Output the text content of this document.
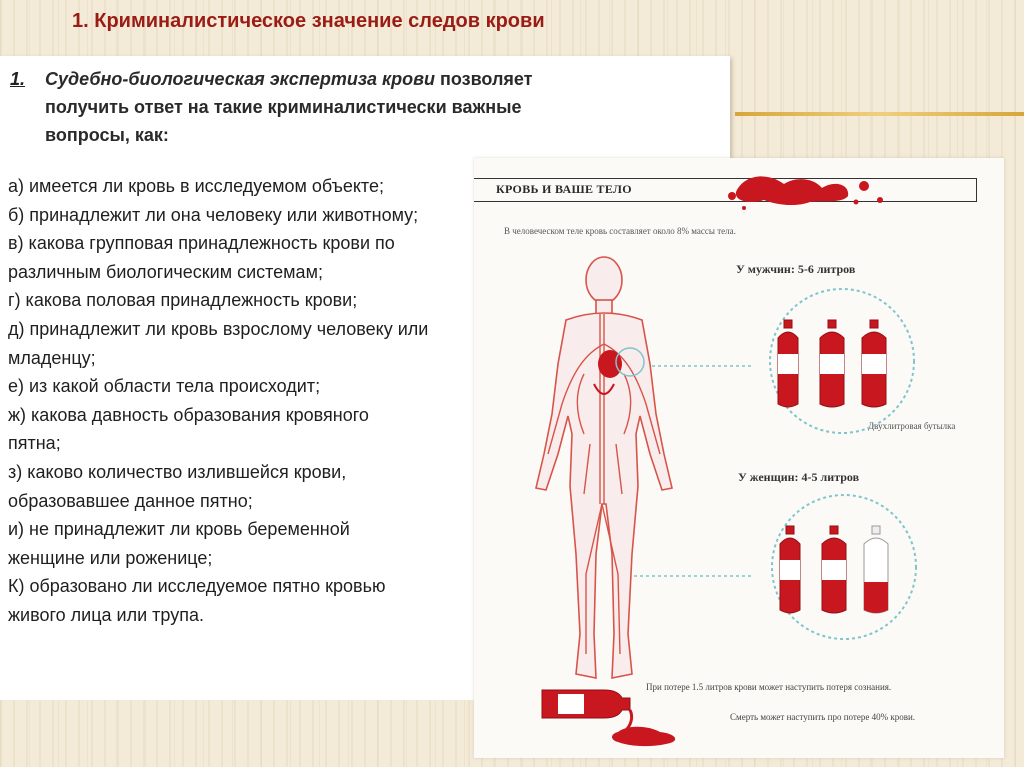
1. Криминалистическое значение следов крови
1. Судебно-биологическая экспертиза крови позволяет
получить ответ на такие криминалистически важные
вопросы, как:
КРОВЬ И ВАШЕ ТЕЛО
В человеческом теле кровь составляет около 8% массы тела.
У мужчин: 5-6 литров
У женщин: 4-5 литров
Двухлитровая бутылка
При потере 1.5 литров крови может наступить потеря сознания.
Смерть может наступить про потере 40% крови.
а) имеется ли кровь в исследуемом объекте;
б) принадлежит ли она человеку или животному;
в) какова групповая принадлежность крови по
различным биологическим системам;
г) какова половая принадлежность крови;
д) принадлежит ли кровь взрослому человеку или
младенцу;
е) из какой области тела происходит;
ж) какова давность образования кровяного
пятна;
з) каково количество излившейся крови,
образовавшее данное пятно;
и) не принадлежит ли кровь беременной
женщине или роженице;
К) образовано ли исследуемое пятно кровью
живого лица или трупа.
